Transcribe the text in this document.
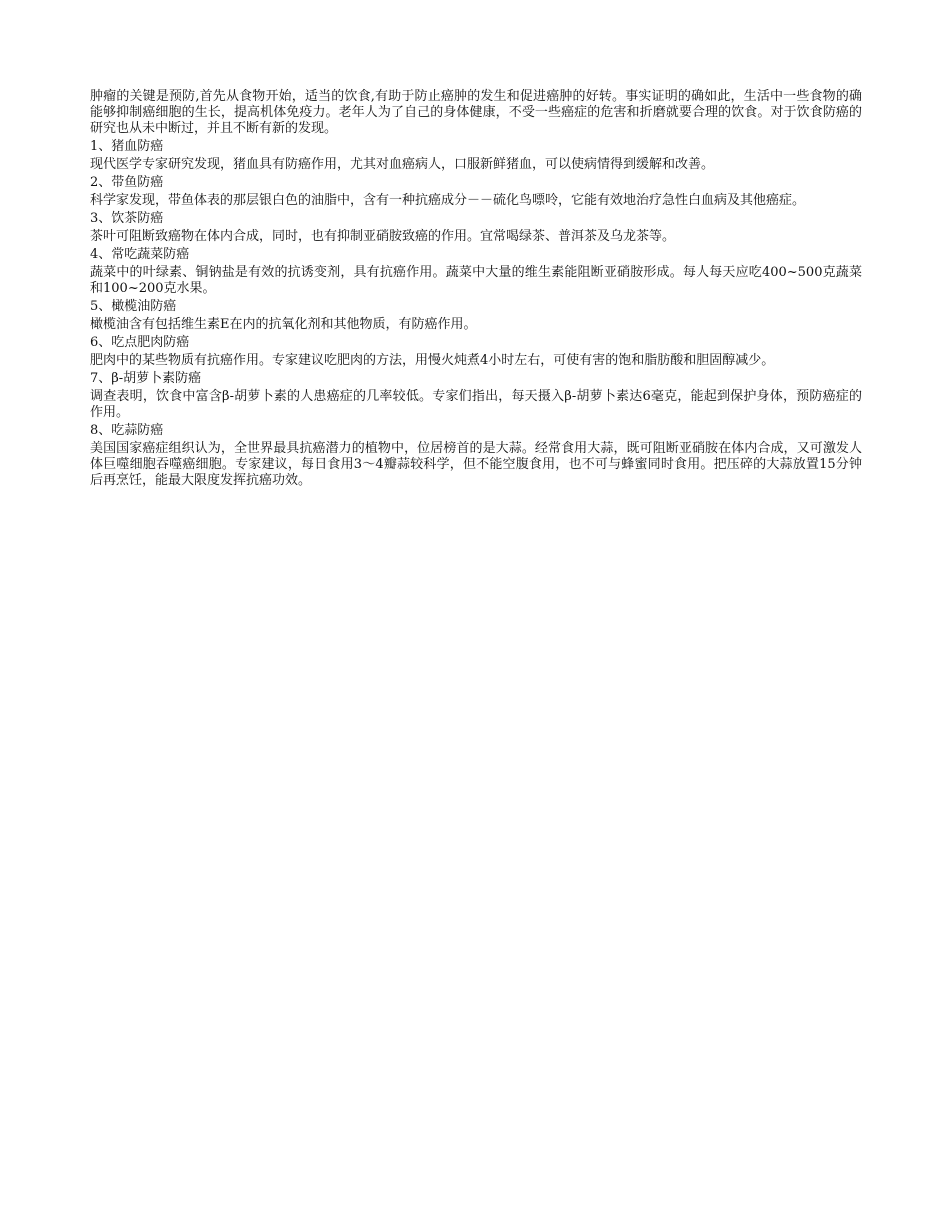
肿瘤的关键是预防,首先从食物开始，适当的饮食,有助于防止癌肿的发生和促进癌肿的好转。事实证明的确如此，生活中一些食物的确能够抑制癌细胞的生长，提高机体免疫力。老年人为了自己的身体健康，不受一些癌症的危害和折磨就要合理的饮食。对于饮食防癌的研究也从未中断过，并且不断有新的发现。

1、猪血防癌

现代医学专家研究发现，猪血具有防癌作用，尤其对血癌病人，口服新鲜猪血，可以使病情得到缓解和改善。

2、带鱼防癌

科学家发现，带鱼体表的那层银白色的油脂中，含有一种抗癌成分－－硫化鸟嘌呤，它能有效地治疗急性白血病及其他癌症。

3、饮茶防癌

茶叶可阻断致癌物在体内合成，同时，也有抑制亚硝胺致癌的作用。宜常喝绿茶、普洱茶及乌龙茶等。

4、常吃蔬菜防癌

蔬菜中的叶绿素、铜钠盐是有效的抗诱变剂，具有抗癌作用。蔬菜中大量的维生素能阻断亚硝胺形成。每人每天应吃400~500克蔬菜和100~200克水果。

5、橄榄油防癌

橄榄油含有包括维生素E在内的抗氧化剂和其他物质，有防癌作用。

6、吃点肥肉防癌

肥肉中的某些物质有抗癌作用。专家建议吃肥肉的方法，用慢火炖煮4小时左右，可使有害的饱和脂肪酸和胆固醇减少。

7、β-胡萝卜素防癌

调查表明，饮食中富含β-胡萝卜素的人患癌症的几率较低。专家们指出，每天摄入β-胡萝卜素达6毫克，能起到保护身体，预防癌症的作用。

8、吃蒜防癌

美国国家癌症组织认为，全世界最具抗癌潜力的植物中，位居榜首的是大蒜。经常食用大蒜，既可阻断亚硝胺在体内合成，又可激发人体巨噬细胞吞噬癌细胞。专家建议，每日食用3～4瓣蒜较科学，但不能空腹食用，也不可与蜂蜜同时食用。把压碎的大蒜放置15分钟后再烹饪，能最大限度发挥抗癌功效。
